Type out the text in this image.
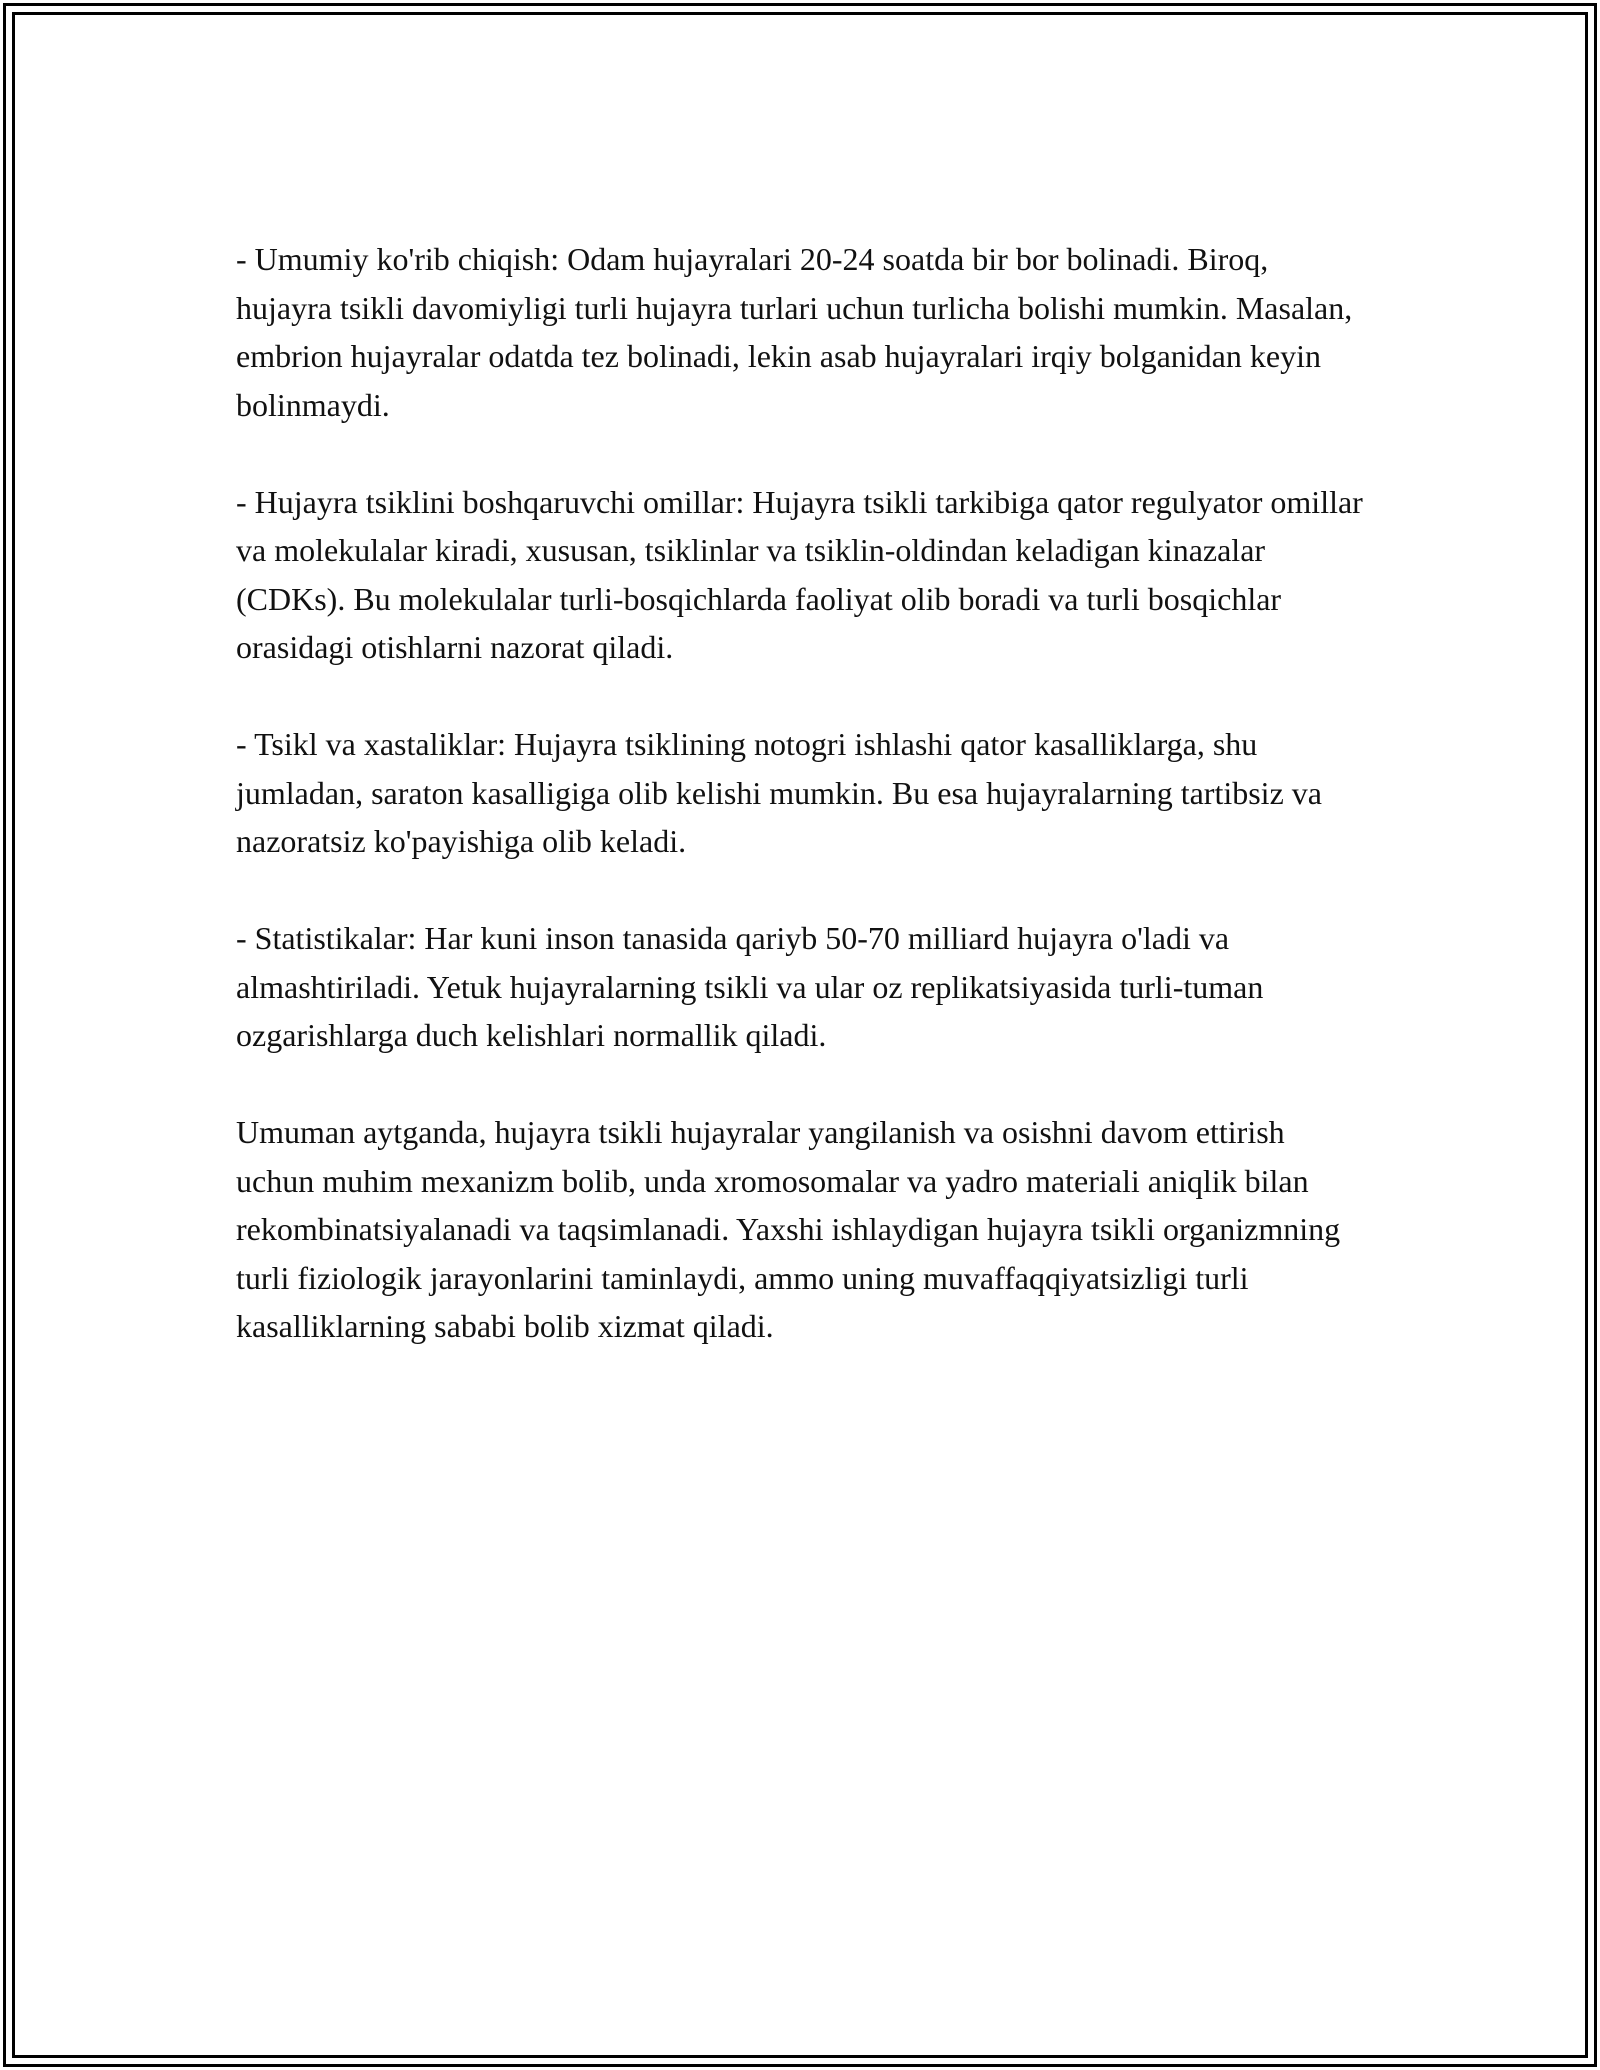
- Umumiy ko'rib chiqish: Odam hujayralari 20-24 soatda bir bor bolinadi. Biroq, hujayra tsikli davomiyligi turli hujayra turlari uchun turlicha bolishi mumkin. Masalan, embrion hujayralar odatda tez bolinadi, lekin asab hujayralari irqiy bolganidan keyin bolinmaydi.

- Hujayra tsiklini boshqaruvchi omillar: Hujayra tsikli tarkibiga qator regulyator omillar va molekulalar kiradi, xususan, tsiklinlar va tsiklin-oldindan keladigan kinazalar (CDKs). Bu molekulalar turli-bosqichlarda faoliyat olib boradi va turli bosqichlar orasidagi otishlarni nazorat qiladi.

- Tsikl va xastaliklar: Hujayra tsiklining notogri ishlashi qator kasalliklarga, shu jumladan, saraton kasalligiga olib kelishi mumkin. Bu esa hujayralarning tartibsiz va nazoratsiz ko'payishiga olib keladi.

- Statistikalar: Har kuni inson tanasida qariyb 50-70 milliard hujayra o'ladi va almashtiriladi. Yetuk hujayralarning tsikli va ular oz replikatsiyasida turli-tuman ozgarishlarga duch kelishlari normallik qiladi.

Umuman aytganda, hujayra tsikli hujayralar yangilanish va osishni davom ettirish uchun muhim mexanizm bolib, unda xromosomalar va yadro materiali aniqlik bilan rekombinatsiyalanadi va taqsimlanadi. Yaxshi ishlaydigan hujayra tsikli organizmning turli fiziologik jarayonlarini taminlaydi, ammo uning muvaffaqqiyatsizligi turli kasalliklarning sababi bolib xizmat qiladi.
